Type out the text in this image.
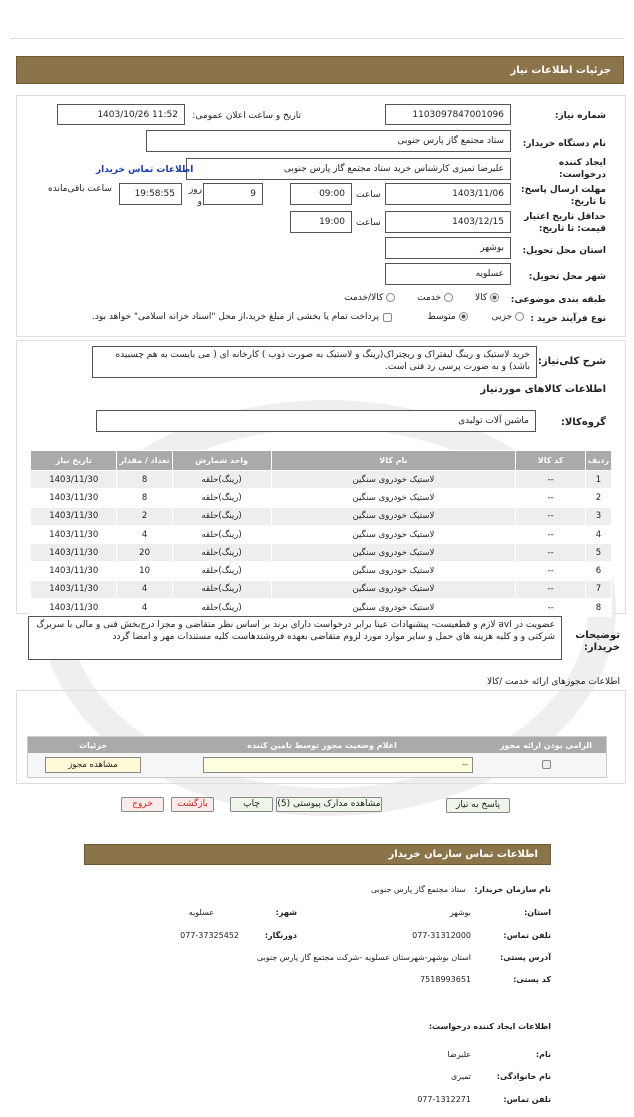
جزئیات اطلاعات نیاز
شماره نیاز:
1103097847001096
تاریخ و ساعت اعلان عمومی:
1403/10/26 11:52
نام دستگاه خریدار:
ستاد مجتمع گاز پارس جنوبی
ایجاد کننده درخواست:
علیرضا تمیزی کارشناس خرید ستاد مجتمع گاز پارس جنوبی
اطلاعات تماس خریدار
مهلت ارسال پاسخ: تا تاریخ:
1403/11/06
ساعت
09:00
9
روز و
19:58:55
ساعت باقی‌مانده
حداقل تاریخ اعتبار قیمت: تا تاریخ:
1403/12/15
ساعت
19:00
استان محل تحویل:
بوشهر
شهر محل تحویل:
عسلویه
طبقه بندی موضوعی:
کالا
خدمت
کالا/خدمت
نوع فرآیند خرید :
جزیی
متوسط
پرداخت تمام یا بخشی از مبلغ خرید،از محل "اسناد خزانه اسلامی" خواهد بود.
شرح کلی‌نیاز:
خرید لاستیک و رینگ لیفتراک و ریچتراک(رینگ و لاستیک به صورت ذوب ) کارخانه ای ( می بایست به هم چسبیده باشد) و به صورت پرسی رد فنی است.
اطلاعات کالاهای موردنیاز
گروه‌کالا:
ماشین آلات تولیدی
ردیف	کد کالا	نام کالا	واحد شمارش	تعداد / مقدار	تاریخ نیاز
1	--	لاستیک خودروی سنگین	(رینگ)حلقه	8	1403/11/30
2	--	لاستیک خودروی سنگین	(رینگ)حلقه	8	1403/11/30
3	--	لاستیک خودروی سنگین	(رینگ)حلقه	2	1403/11/30
4	--	لاستیک خودروی سنگین	(رینگ)حلقه	4	1403/11/30
5	--	لاستیک خودروی سنگین	(رینگ)حلقه	20	1403/11/30
6	--	لاستیک خودروی سنگین	(رینگ)حلقه	10	1403/11/30
7	--	لاستیک خودروی سنگین	(رینگ)حلقه	4	1403/11/30
8	--	لاستیک خودروی سنگین	(رینگ)حلقه	4	1403/11/30
توضیحات خریدار:
عضویت در avl لازم و قطعیست- پیشنهادات عینا برابر درخواست دارای برند بر اساس نظر متقاضی و مجزا درج‌بخش فنی و مالی با سربرگ شرکتی و و کلیه هزینه های حمل و سایر موارد مورد لزوم متقاضی بعهده فروشندهاست کلیه مستندات مهر و امضا گردد
اطلاعات مجوزهای ارائه خدمت /کالا
الزامی بودن ارائه مجوز	اعلام وضعیت مجوز توسط تامین کننده	جزئیات

	--	مشاهده مجوز
پاسخ به نیاز
مشاهده مدارک پیوستی (5)
چاپ
بازگشت
خروج
اطلاعات تماس سازمان خریدار
نام سازمان خریدار: ستاد مجتمع گاز پارس جنوبی
استان:
بوشهر
شهر:
عسلویه
تلفن تماس:
077-31312000
دورنگار:
077-37325452
آدرس پستی:
استان بوشهر-شهرستان عسلویه -شرکت مجتمع گاز پارس جنوبی
کد پستی:
7518993651
اطلاعات ایجاد کننده درخواست:
نام:
علیرضا
نام خانوادگی:
تمیزی
تلفن تماس:
077-1312271
